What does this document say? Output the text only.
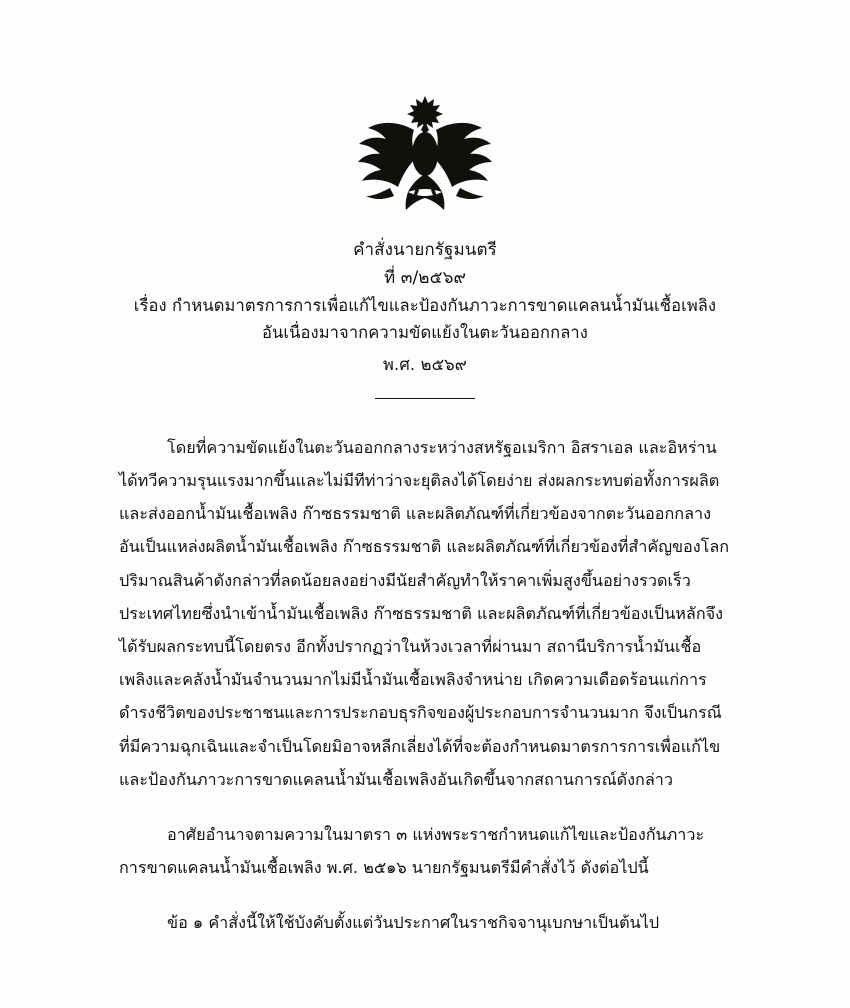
คำสั่งนายกรัฐมนตรี
ที่ ๓/๒๕๖๙
เรื่อง กำหนดมาตรการการเพื่อแก้ไขและป้องกันภาวะการขาดแคลนน้ำมันเชื้อเพลิง
อันเนื่องมาจากความขัดแย้งในตะวันออกกลาง
พ.ศ. ๒๕๖๙

โดยที่ความขัดแย้งในตะวันออกกลางระหว่างสหรัฐอเมริกา อิสราเอล และอิหร่าน ได้ทวีความรุนแรงมากขึ้นและไม่มีทีท่าว่าจะยุติลงได้โดยง่าย ส่งผลกระทบต่อทั้งการผลิตและส่งออกน้ำมันเชื้อเพลิง ก๊าซธรรมชาติ และผลิตภัณฑ์ที่เกี่ยวข้องจากตะวันออกกลางอันเป็นแหล่งผลิตน้ำมันเชื้อเพลิง ก๊าซธรรมชาติ และผลิตภัณฑ์ที่เกี่ยวข้องที่สำคัญของโลก ปริมาณสินค้าดังกล่าวที่ลดน้อยลงอย่างมีนัยสำคัญทำให้ราคาเพิ่มสูงขึ้นอย่างรวดเร็ว ประเทศไทยซึ่งนำเข้าน้ำมันเชื้อเพลิง ก๊าซธรรมชาติ และผลิตภัณฑ์ที่เกี่ยวข้องเป็นหลักจึงได้รับผลกระทบนี้โดยตรง อีกทั้งปรากฏว่าในห้วงเวลาที่ผ่านมา สถานีบริการน้ำมันเชื้อเพลิงและคลังน้ำมันจำนวนมากไม่มีน้ำมันเชื้อเพลิงจำหน่าย เกิดความเดือดร้อนแก่การดำรงชีวิตของประชาชนและการประกอบธุรกิจของผู้ประกอบการจำนวนมาก จึงเป็นกรณีที่มีความฉุกเฉินและจำเป็นโดยมิอาจหลีกเลี่ยงได้ที่จะต้องกำหนดมาตรการการเพื่อแก้ไขและป้องกันภาวะการขาดแคลนน้ำมันเชื้อเพลิงอันเกิดขึ้นจากสถานการณ์ดังกล่าว

อาศัยอำนาจตามความในมาตรา ๓ แห่งพระราชกำหนดแก้ไขและป้องกันภาวะการขาดแคลนน้ำมันเชื้อเพลิง พ.ศ. ๒๕๑๖ นายกรัฐมนตรีมีคำสั่งไว้ ดังต่อไปนี้

ข้อ ๑ คำสั่งนี้ให้ใช้บังคับตั้งแต่วันประกาศในราชกิจจานุเบกษาเป็นต้นไป
